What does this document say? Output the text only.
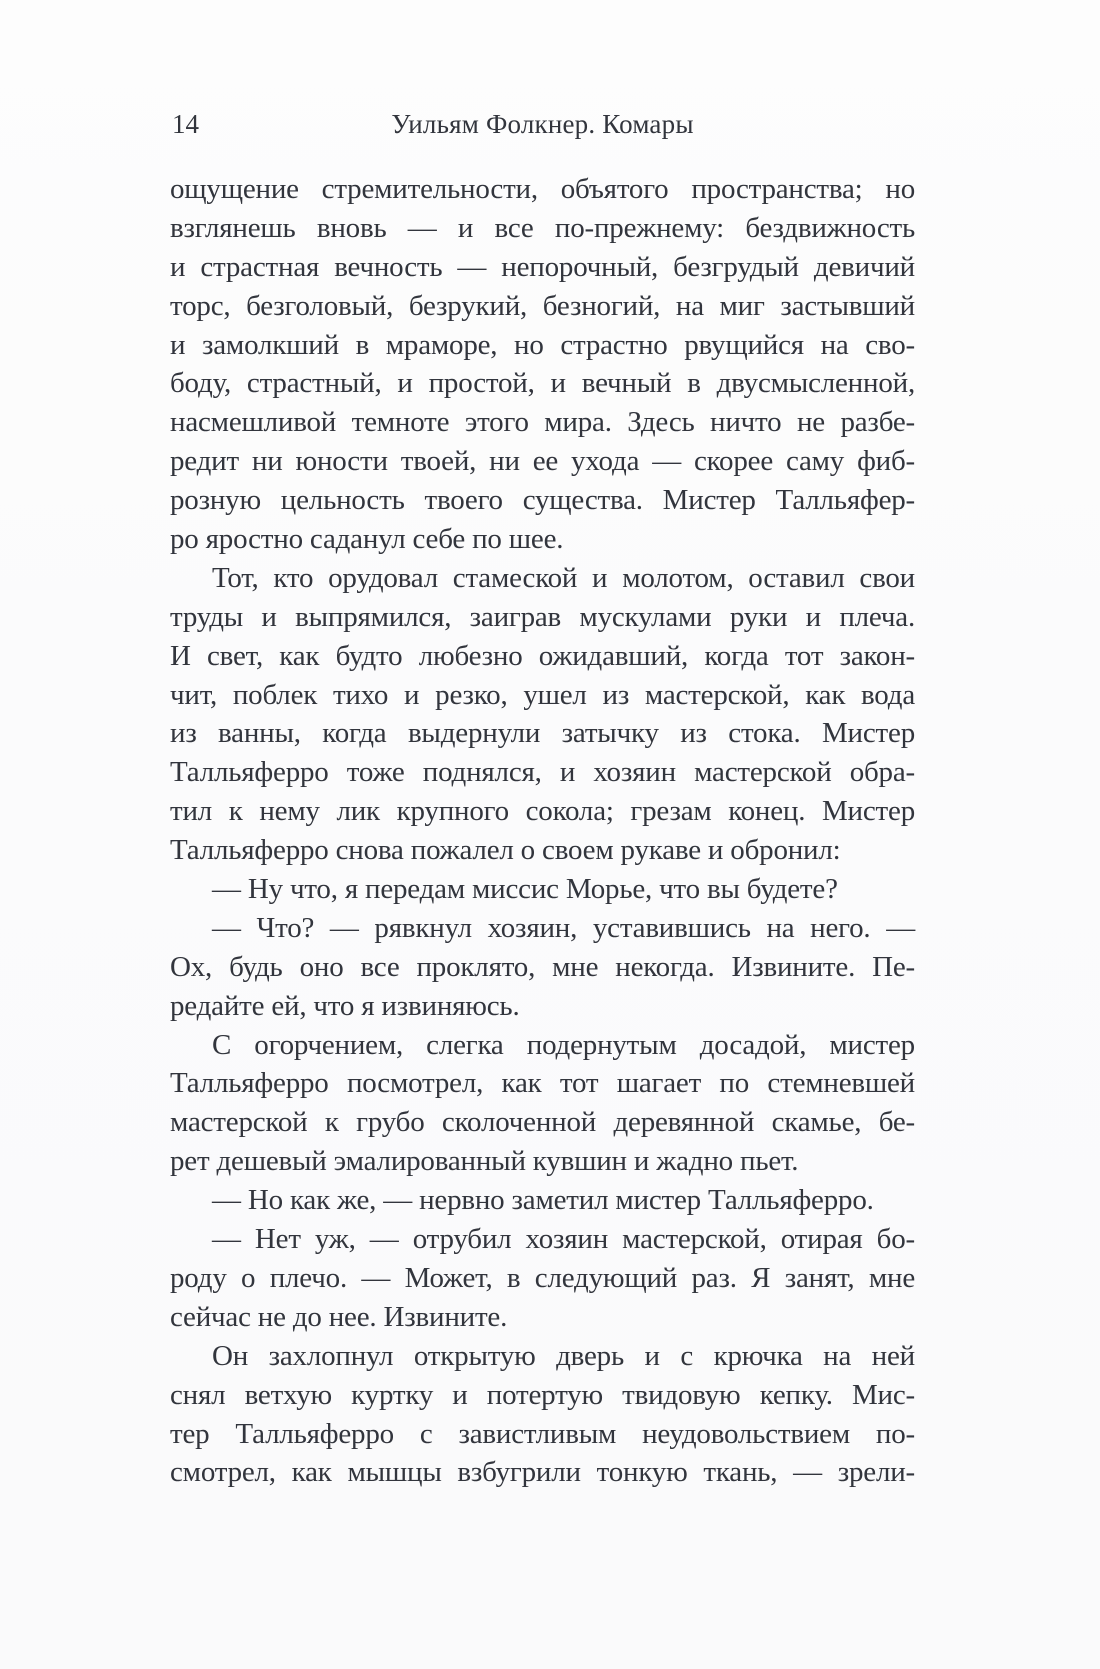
14	Уильям Фолкнер. Комары
ощущение стремительности, объятого пространства; но
взглянешь вновь — и все по-прежнему: бездвижность
и страстная вечность — непорочный, безгрудый девичий
торс, безголовый, безрукий, безногий, на миг застывший
и замолкший в мраморе, но страстно рвущийся на сво-
боду, страстный, и простой, и вечный в двусмысленной,
насмешливой темноте этого мира. Здесь ничто не разбе-
редит ни юности твоей, ни ее ухода — скорее саму фиб-
розную цельность твоего существа. Мистер Талльяфер-
ро яростно саданул себе по шее.
Тот, кто орудовал стамеской и молотом, оставил свои
труды и выпрямился, заиграв мускулами руки и плеча.
И свет, как будто любезно ожидавший, когда тот закон-
чит, поблек тихо и резко, ушел из мастерской, как вода
из ванны, когда выдернули затычку из стока. Мистер
Талльяферро тоже поднялся, и хозяин мастерской обра-
тил к нему лик крупного сокола; грезам конец. Мистер
Талльяферро снова пожалел о своем рукаве и обронил:
— Ну что, я передам миссис Морье, что вы будете?
— Что? — рявкнул хозяин, уставившись на него. —
Ох, будь оно все проклято, мне некогда. Извините. Пе-
редайте ей, что я извиняюсь.
С огорчением, слегка подернутым досадой, мистер
Талльяферро посмотрел, как тот шагает по стемневшей
мастерской к грубо сколоченной деревянной скамье, бе-
рет дешевый эмалированный кувшин и жадно пьет.
— Но как же, — нервно заметил мистер Талльяферро.
— Нет уж, — отрубил хозяин мастерской, отирая бо-
роду о плечо. — Может, в следующий раз. Я занят, мне
сейчас не до нее. Извините.
Он захлопнул открытую дверь и с крючка на ней
снял ветхую куртку и потертую твидовую кепку. Мис-
тер Талльяферро с завистливым неудовольствием по-
смотрел, как мышцы взбугрили тонкую ткань, — зрели-
